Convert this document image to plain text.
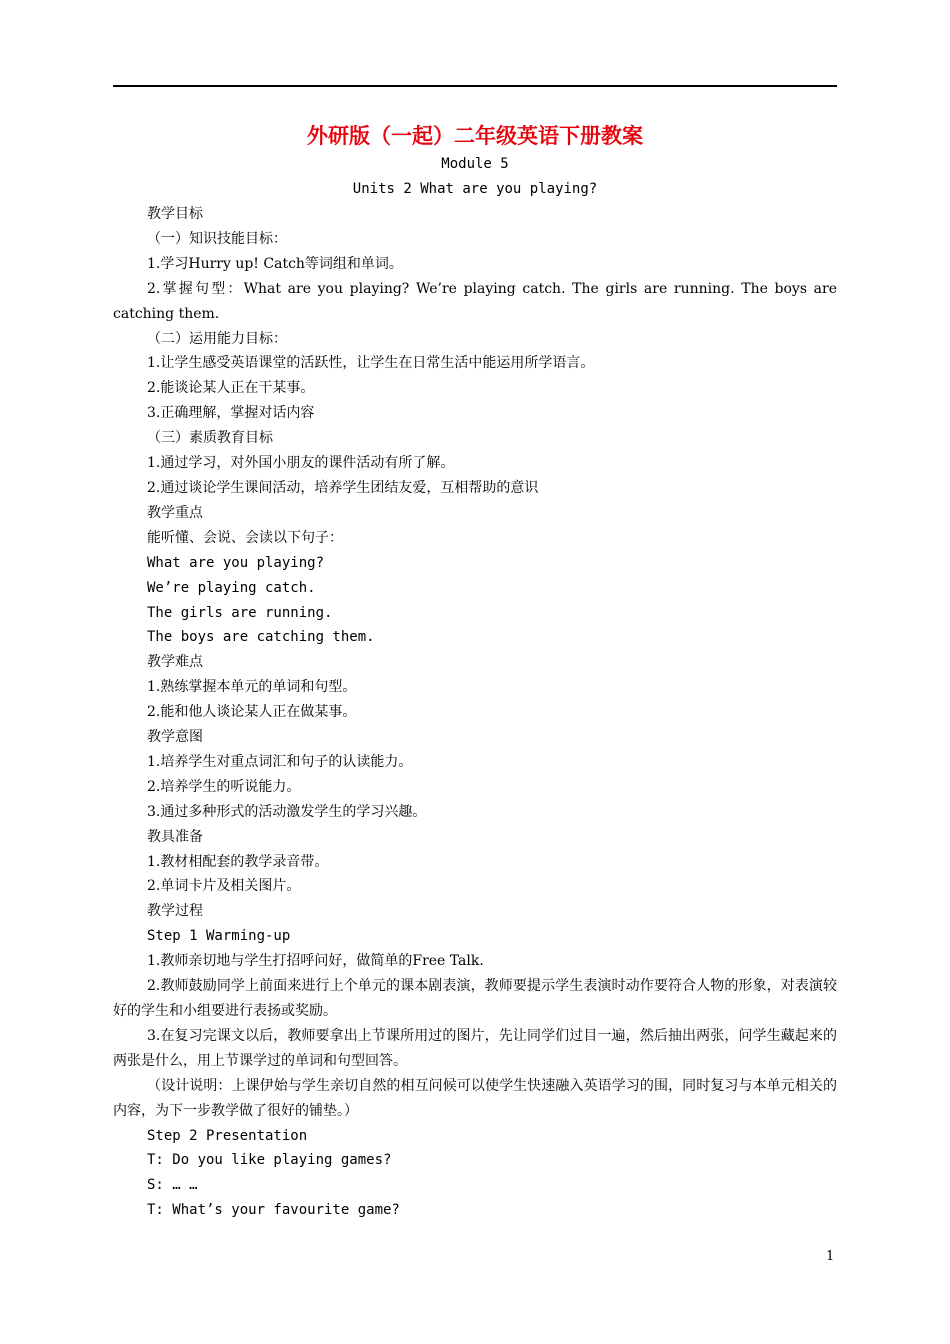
外研版（一起）二年级英语下册教案
Module 5
Units 2 What are you playing?

教学目标

（一）知识技能目标：

1.学习Hurry up! Catch等词组和单词。

2.掌握句型：What are you playing? We’re playing catch. The girls are running. The boys are catching them.

（二）运用能力目标：

1.让学生感受英语课堂的活跃性，让学生在日常生活中能运用所学语言。

2.能谈论某人正在干某事。

3.正确理解，掌握对话内容

（三）素质教育目标

1.通过学习，对外国小朋友的课件活动有所了解。

2.通过谈论学生课间活动，培养学生团结友爱，互相帮助的意识

教学重点

能听懂、会说、会读以下句子：

What are you playing?

We’re playing catch.

The girls are running.

The boys are catching them.

教学难点

1.熟练掌握本单元的单词和句型。

2.能和他人谈论某人正在做某事。

教学意图

1.培养学生对重点词汇和句子的认读能力。

2.培养学生的听说能力。

3.通过多种形式的活动激发学生的学习兴趣。

教具准备

1.教材相配套的教学录音带。

2.单词卡片及相关图片。

教学过程

Step 1 Warming-up

1.教师亲切地与学生打招呼问好，做简单的Free Talk.

2.教师鼓励同学上前面来进行上个单元的课本剧表演，教师要提示学生表演时动作要符合人物的形象，对表演较好的学生和小组要进行表扬或奖励。

3.在复习完课文以后，教师要拿出上节课所用过的图片，先让同学们过目一遍，然后抽出两张，问学生藏起来的两张是什么，用上节课学过的单词和句型回答。

（设计说明：上课伊始与学生亲切自然的相互问候可以使学生快速融入英语学习的围，同时复习与本单元相关的内容，为下一步教学做了很好的铺垫。）

Step 2 Presentation

T: Do you like playing games?

S: … …

T: What’s your favourite game?

1
